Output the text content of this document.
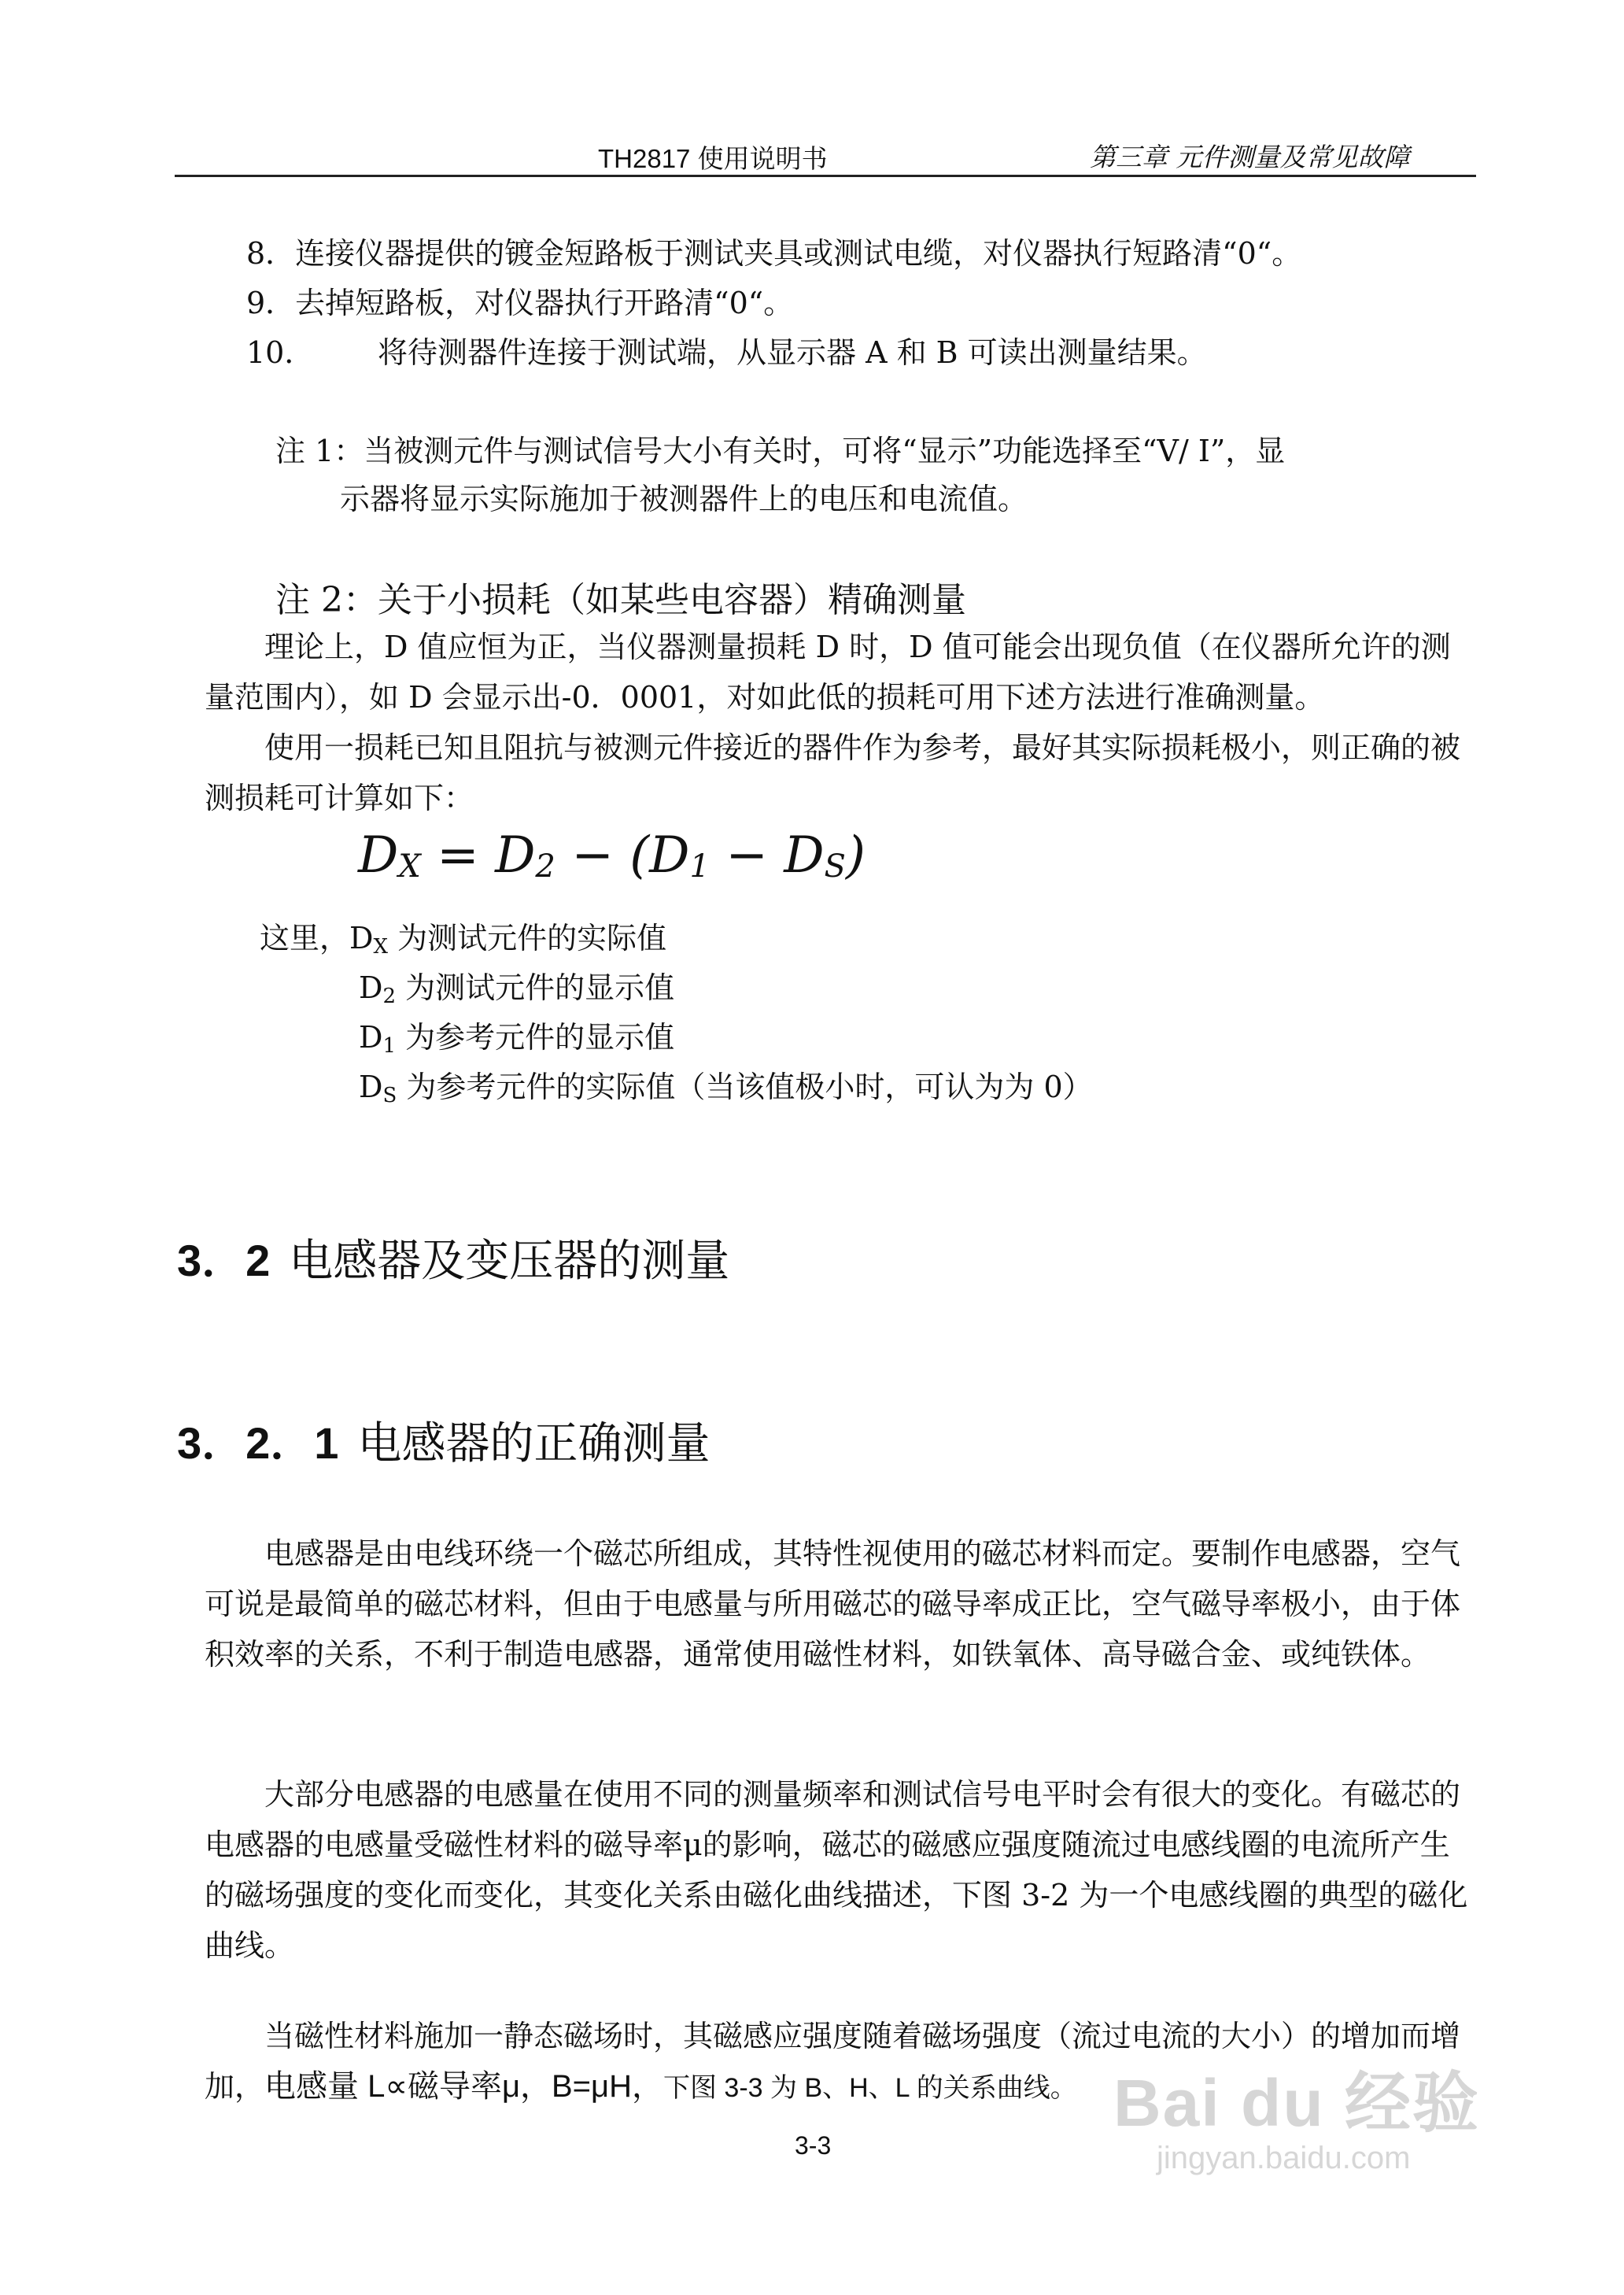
TH2817 使用说明书	第三章 元件测量及常见故障
8．连接仪器提供的镀金短路板于测试夹具或测试电缆，对仪器执行短路清“0“。
9．去掉短路板，对仪器执行开路清“0“。
10． 将待测器件连接于测试端，从显示器 A 和 B 可读出测量结果。
注 1：当被测元件与测试信号大小有关时，可将“显示”功能选择至“V/ I”，显
示器将显示实际施加于被测器件上的电压和电流值。
注 2：关于小损耗（如某些电容器）精确测量
理论上，D 值应恒为正，当仪器测量损耗 D 时，D 值可能会出现负值（在仪器所允许的测量范围内），如 D 会显示出-0．0001，对如此低的损耗可用下述方法进行准确测量。
使用一损耗已知且阻抗与被测元件接近的器件作为参考，最好其实际损耗极小，则正确的被测损耗可计算如下：
$D_X = D_2 - (D_1 - D_S)$
这里，$D_X$ 为测试元件的实际值
$D_2$ 为测试元件的显示值
$D_1$ 为参考元件的显示值
$D_S$ 为参考元件的实际值（当该值极小时，可认为为 0）
3．2 电感器及变压器的测量
3．2．1 电感器的正确测量
电感器是由电线环绕一个磁芯所组成，其特性视使用的磁芯材料而定。要制作电感器，空气可说是最简单的磁芯材料，但由于电感量与所用磁芯的磁导率成正比，空气磁导率极小，由于体积效率的关系，不利于制造电感器，通常使用磁性材料，如铁氧体、高导磁合金、或纯铁体。
大部分电感器的电感量在使用不同的测量频率和测试信号电平时会有很大的变化。有磁芯的电感器的电感量受磁性材料的磁导率μ的影响，磁芯的磁感应强度随流过电感线圈的电流所产生的磁场强度的变化而变化，其变化关系由磁化曲线描述，下图 3-2 为一个电感线圈的典型的磁化曲线。
当磁性材料施加一静态磁场时，其磁感应强度随着磁场强度（流过电流的大小）的增加而增加，电感量 L∝磁导率μ，B=μH，下图 3-3 为 B、H、L 的关系曲线。
3-3
Bai du 经验
jingyan.baidu.com
